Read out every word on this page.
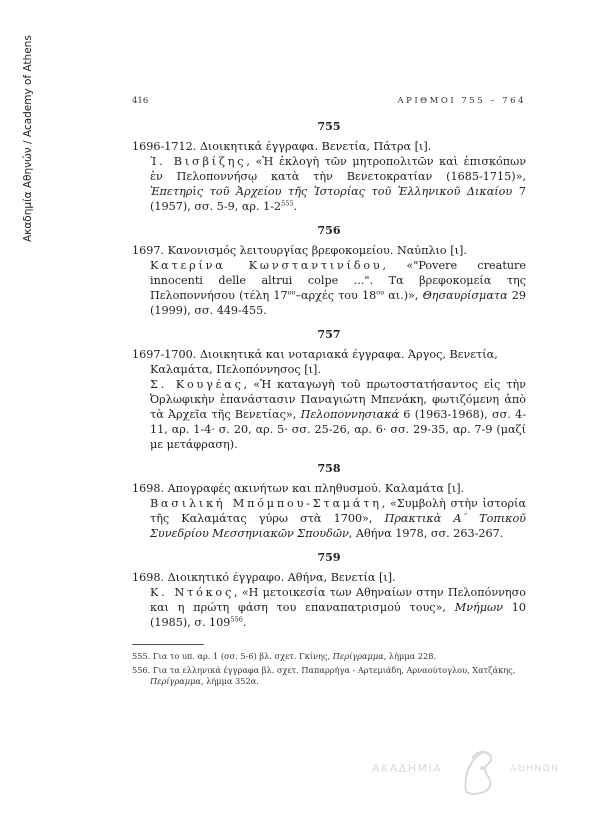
Ακαδημία Αθηνών / Academy of Athens	416	ΑΡΙΘΜΟΙ 755 – 764
755

1696-1712. Διοικητικά έγγραφα. Βενετία, Πάτρα [ι].

Ί. Βισβίζης, «Ἡ ἐκλογὴ τῶν μητροπολιτῶν καὶ ἐπισκόπων ἐν Πελοποννήσῳ κατὰ τὴν Βενετοκρατίαν (1685-1715)», Ἐπετηρὶς τοῦ Ἀρχείου τῆς Ἱστορίας τοῦ Ἑλληνικοῦ Δικαίου 7 (1957), σσ. 5-9, αρ. $1-2^{555}$.

756

1697. Κανονισμός λειτουργίας βρεφοκομείου. Ναύπλιο [ι].

Κατερίνα Κωνσταντινίδου, «"Povere creature innocenti delle altrui colpe ...". Τα βρεφοκομεία της Πελοποννήσου (τέλη $17^{o\upsilon}$–αρχές του $18^{o\upsilon}$ αι.)», Θησαυρίσματα 29 (1999), σσ. 449-455.

757

1697-1700. Διοικητικά και νοταριακά έγγραφα. Άργος, Βενετία, Καλαμάτα, Πελοπόννησος [ι].

Σ. Κουγέας, «Ἡ καταγωγὴ τοῦ πρωτοστατήσαντος εἰς τὴν Ὀρλωφικὴν ἐπανάστασιν Παναγιώτη Μπενάκη, φωτιζόμενη ἀπὸ τὰ Ἀρχεῖα τῆς Βενετίας», Πελοποννησιακά 6 (1963-1968), σσ. 4-11, αρ. 1-4· σ. 20, αρ. 5· σσ. 25-26, αρ. 6· σσ. 29-35, αρ. 7-9 (μαζί με μετάφραση).

758

1698. Απογραφές ακινήτων και πληθυσμού. Καλαμάτα [ι].

Βασιλική Μπόμπου-Σταμάτη, «Συμβολὴ στὴν ἱστορία τῆς Καλαμάτας γύρω στὰ 1700», Πρακτικὰ Α΄ Τοπικοῦ Συνεδρίου Μεσσηνιακῶν Σπουδῶν, Αθήνα 1978, σσ. 263-267.

759

1698. Διοικητικό έγγραφο. Αθήνα, Βενετία [ι].

Κ. Ντόκος, «Η μετοικεσία των Αθηναίων στην Πελοπόννησο και η πρώτη φάση του επαναπατρισμού τους», Μνήμων 10 (1985), σ. $109^{556}$.

555. Για το υπ. αρ. 1 (σσ. 5-6) βλ. σχετ. Γκίνης, Περίγραμμα, λήμμα 228.

556. Για τα ελληνικά έγγραφα βλ. σχετ. Παπαρρήγα - Αρτεμιάδη, Αρναούτογλου, Χατζάκης, Περίγραμμα, λήμμα 352α.

ΑΚΑΔΗΜΙΑ	ΑΘΗΝΩΝ
